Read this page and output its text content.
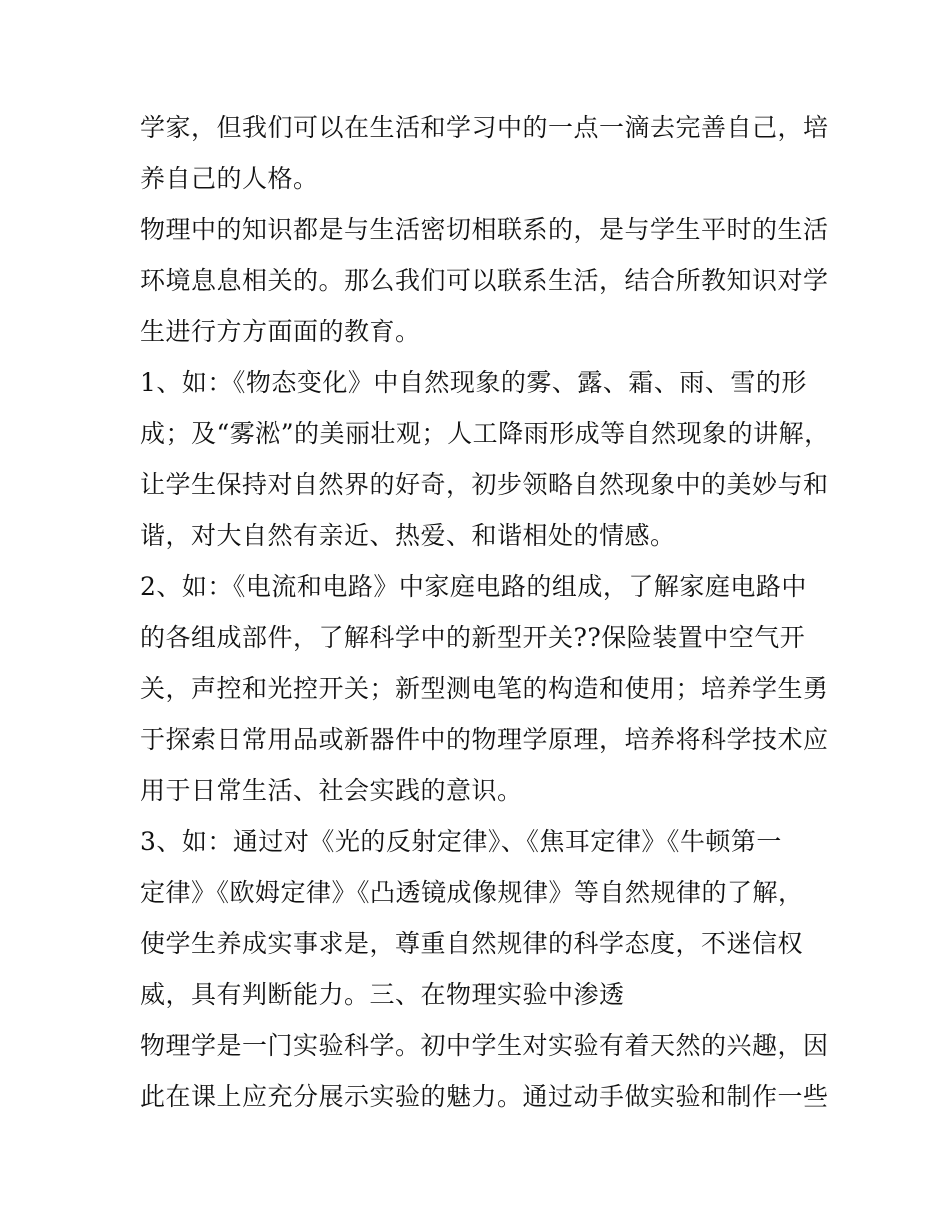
学家，但我们可以在生活和学习中的一点一滴去完善自己，培
养自己的人格。
物理中的知识都是与生活密切相联系的，是与学生平时的生活
环境息息相关的。那么我们可以联系生活，结合所教知识对学
生进行方方面面的教育。
1、如：《物态变化》中自然现象的雾、露、霜、雨、雪的形
成；及“雾淞”的美丽壮观；人工降雨形成等自然现象的讲解，
让学生保持对自然界的好奇，初步领略自然现象中的美妙与和
谐，对大自然有亲近、热爱、和谐相处的情感。
2、如：《电流和电路》中家庭电路的组成，了解家庭电路中
的各组成部件，了解科学中的新型开关??保险装置中空气开
关，声控和光控开关；新型测电笔的构造和使用；培养学生勇
于探索日常用品或新器件中的物理学原理，培养将科学技术应
用于日常生活、社会实践的意识。
3、如：通过对《光的反射定律》、《焦耳定律》《牛顿第一
定律》《欧姆定律》《凸透镜成像规律》等自然规律的了解，
使学生养成实事求是，尊重自然规律的科学态度，不迷信权
威，具有判断能力。三、在物理实验中渗透
物理学是一门实验科学。初中学生对实验有着天然的兴趣，因
此在课上应充分展示实验的魅力。通过动手做实验和制作一些
